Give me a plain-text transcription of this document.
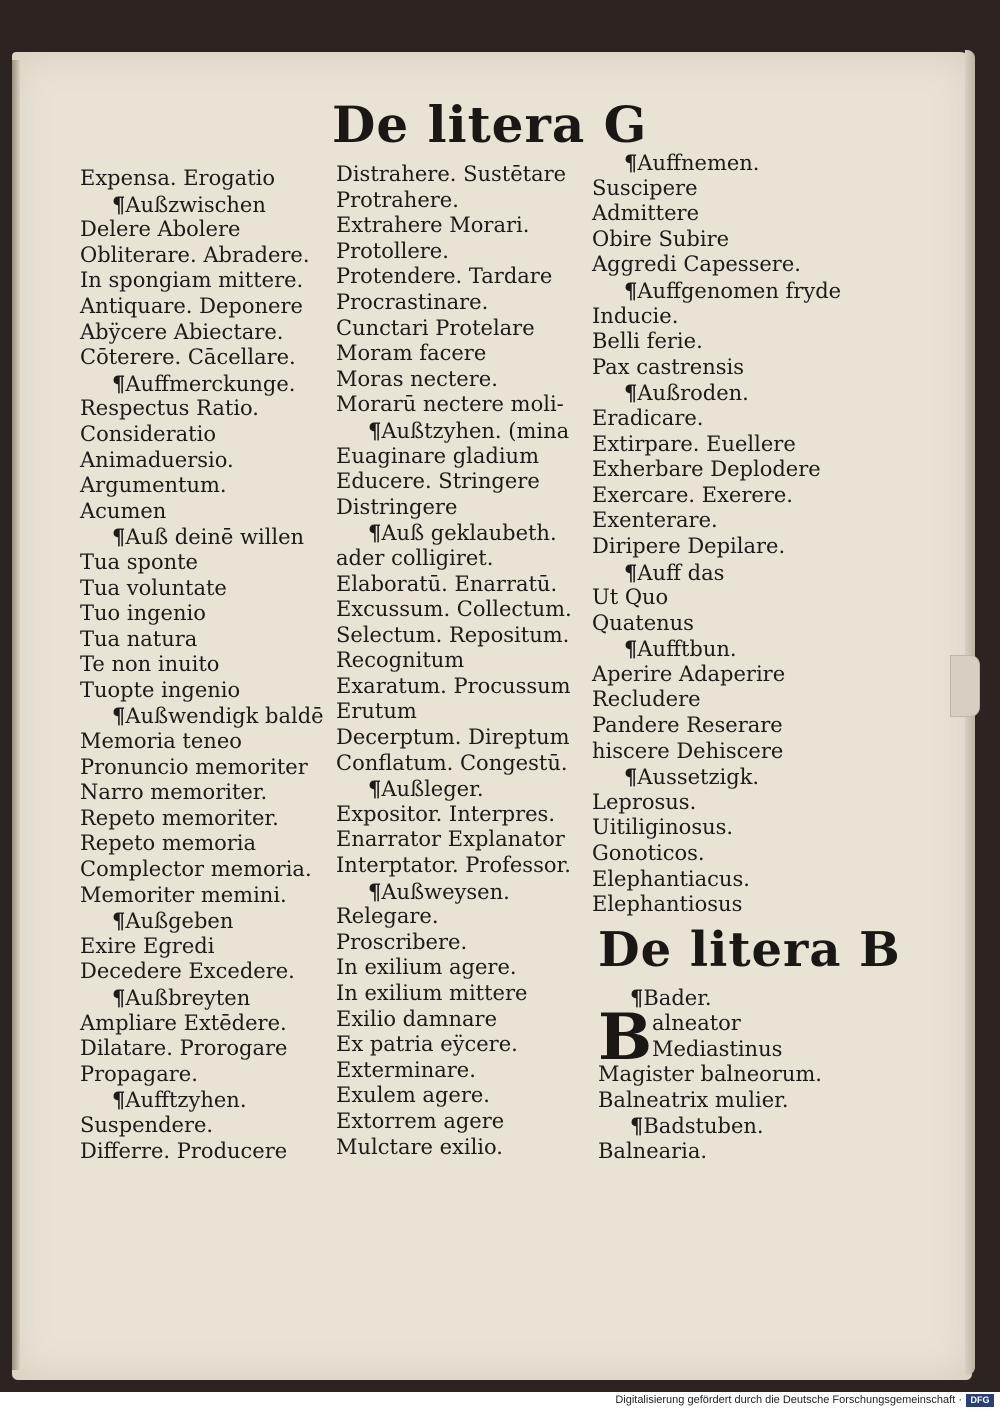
De litera G
Expensa. Erogatio
¶ Außzwischen
Delere Abolere
Obliterare. Abradere.
In spongiam mittere.
Antiquare. Deponere
Abÿcere Abiectare.
Cōterere. Cācellare.
¶ Auffmerckunge.
Respectus Ratio.
Consideratio
Animaduersio.
Argumentum.
Acumen
¶ Auß deinē willen
Tua sponte
Tua voluntate
Tuo ingenio
Tua natura
Te non inuito
Tuopte ingenio
¶ Außwendigk baldē
Memoria teneo
Pronuncio memoriter
Narro memoriter.
Repeto memoriter.
Repeto memoria
Complector memoria.
Memoriter memini.
¶ Außgeben
Exire Egredi
Decedere Excedere.
¶ Außbreyten
Ampliare Extēdere.
Dilatare. Prorogare
Propagare.
¶ Aufftzyhen.
Suspendere.
Differre. Producere
Distrahere. Sustētare
Protrahere.
Extrahere Morari.
Protollere.
Protendere. Tardare
Procrastinare.
Cunctari Protelare
Moram facere
Moras nectere.
Morarū nectere moli-
¶ Außtzyhen. (mina
Euaginare gladium
Educere. Stringere
Distringere
¶ Auß geklaubeth.
ader colligiret.
Elaboratū. Enarratū.
Excussum. Collectum.
Selectum. Repositum.
Recognitum
Exaratum. Procussum
Erutum
Decerptum. Direptum
Conflatum. Congestū.
¶ Außleger.
Expositor. Interpres.
Enarrator Explanator
Interptator. Professor.
¶ Außweysen.
Relegare.
Proscribere.
In exilium agere.
In exilium mittere
Exilio damnare
Ex patria eÿcere.
Exterminare.
Exulem agere.
Extorrem agere
Mulctare exilio.
¶ Auffnemen.
Suscipere
Admittere
Obire Subire
Aggredi Capessere.
¶ Auffgenomen fryde
Inducie.
Belli ferie.
Pax castrensis
¶ Außroden.
Eradicare.
Extirpare. Euellere
Exherbare Deplodere
Exercare. Exerere.
Exenterare.
Diripere Depilare.
¶ Auff das
Ut Quo
Quatenus
¶ Aufftbun.
Aperire Adaperire
Recludere
Pandere Reserare
hiscere Dehiscere
¶ Aussetzigk.
Leprosus.
Uitiliginosus.
Gonoticos.
Elephantiacus.
Elephantiosus
De litera B
¶ Bader.
B alneator
Mediastinus
Magister balneorum.
Balneatrix mulier.
¶ Badstuben.
Balnearia.
Digitalisierung gefördert durch die Deutsche Forschungsgemeinschaft · DFG
